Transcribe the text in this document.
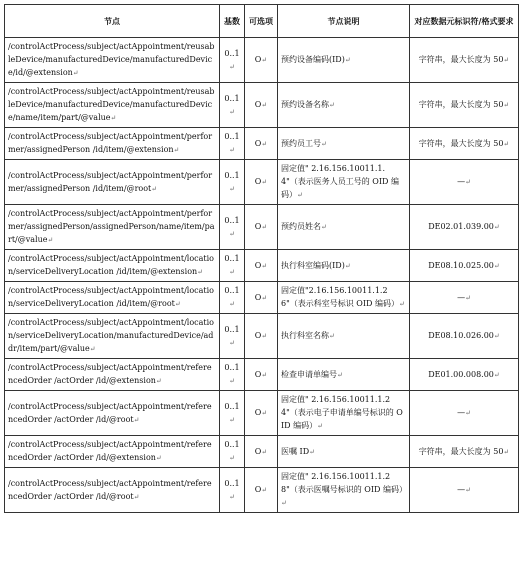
节点	基数	可选项	节点说明	对应数据元标识符/格式要求
/controlActProcess/subject/actAppointment/reusableDevice/manufacturedDevice/manufacturedDevice/id/@extension↵	0..1↵	O↵	预约设备编码(ID)↵	字符串，最大长度为 50↵
/controlActProcess/subject/actAppointment/reusableDevice/manufacturedDevice/manufacturedDevice/name/item/part/@value↵	0..1↵	O↵	预约设备名称↵	字符串，最大长度为 50↵
/controlActProcess/subject/actAppointment/performer/assignedPerson /id/item/@extension↵	0..1↵	O↵	预约员工号↵	字符串，最大长度为 50↵
/controlActProcess/subject/actAppointment/performer/assignedPerson /id/item/@root↵	0..1↵	O↵	固定值" 2.16.156.10011.1.4"（表示医务人员工号的 OID 编码）↵	—↵
/controlActProcess/subject/actAppointment/performer/assignedPerson/assignedPerson/name/item/part/@value↵	0..1↵	O↵	预约员姓名↵	DE02.01.039.00↵
/controlActProcess/subject/actAppointment/location/serviceDeliveryLocation /id/item/@extension↵	0..1↵	O↵	执行科室编码(ID)↵	DE08.10.025.00↵
/controlActProcess/subject/actAppointment/location/serviceDeliveryLocation /id/item/@root↵	0..1↵	O↵	固定值"2.16.156.10011.1.26"（表示科室号标识 OID 编码）↵	—↵
/controlActProcess/subject/actAppointment/location/serviceDeliveryLocation/manufacturedDevice/addr/item/part/@value↵	0..1↵	O↵	执行科室名称↵	DE08.10.026.00↵
/controlActProcess/subject/actAppointment/referencedOrder /actOrder /id/@extension↵	0..1↵	O↵	检查申请单编号↵	DE01.00.008.00↵
/controlActProcess/subject/actAppointment/referencedOrder /actOrder /id/@root↵	0..1↵	O↵	固定值" 2.16.156.10011.1.24"（表示电子申请单编号标识的 OID 编码）↵	—↵
/controlActProcess/subject/actAppointment/referencedOrder /actOrder /id/@extension↵	0..1↵	O↵	医嘱 ID↵	字符串，最大长度为 50↵
/controlActProcess/subject/actAppointment/referencedOrder /actOrder /id/@root↵	0..1↵	O↵	固定值" 2.16.156.10011.1.28"（表示医嘱号标识的 OID 编码）↵	—↵
